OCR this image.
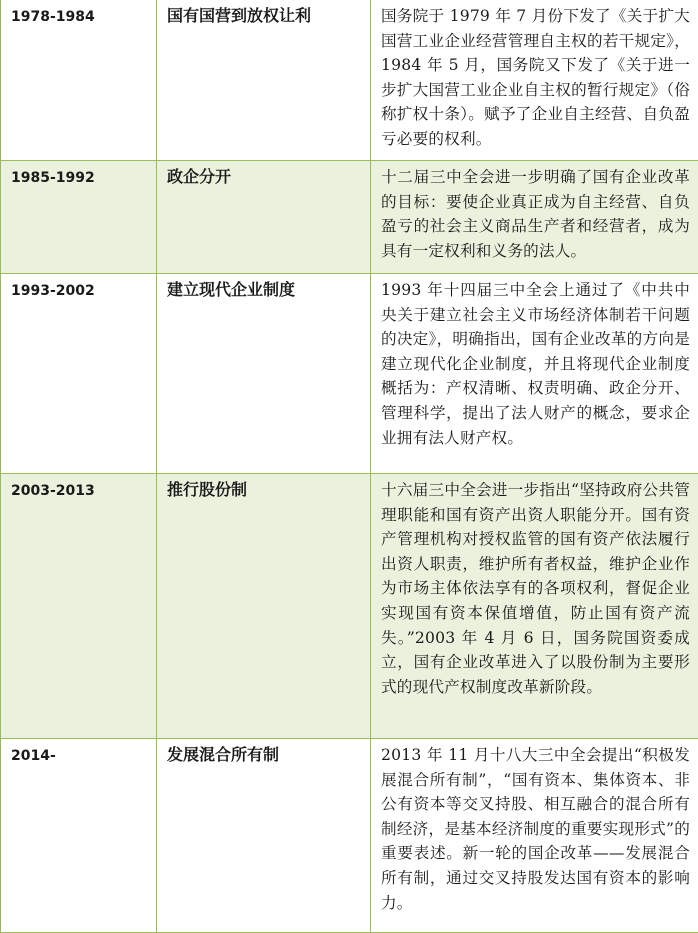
1978-1984	国有国营到放权让利	国务院于 1979 年 7 月份下发了《关于扩大国营工业企业经营管理自主权的若干规定》，1984 年 5 月，国务院又下发了《关于进一步扩大国营工业企业自主权的暂行规定》（俗称扩权十条）。赋予了企业自主经营、自负盈亏必要的权利。
1985-1992	政企分开	十二届三中全会进一步明确了国有企业改革的目标：要使企业真正成为自主经营、自负盈亏的社会主义商品生产者和经营者，成为具有一定权利和义务的法人。
1993-2002	建立现代企业制度	1993 年十四届三中全会上通过了《中共中央关于建立社会主义市场经济体制若干问题的决定》，明确指出，国有企业改革的方向是建立现代化企业制度，并且将现代企业制度概括为：产权清晰、权责明确、政企分开、管理科学，提出了法人财产的概念，要求企业拥有法人财产权。
2003-2013	推行股份制	十六届三中全会进一步指出“坚持政府公共管理职能和国有资产出资人职能分开。国有资产管理机构对授权监管的国有资产依法履行出资人职责，维护所有者权益，维护企业作为市场主体依法享有的各项权利，督促企业实现国有资本保值增值，防止国有资产流失。”2003 年 4 月 6 日，国务院国资委成立，国有企业改革进入了以股份制为主要形式的现代产权制度改革新阶段。
2014-	发展混合所有制	2013 年 11 月十八大三中全会提出“积极发展混合所有制”，“国有资本、集体资本、非公有资本等交叉持股、相互融合的混合所有制经济，是基本经济制度的重要实现形式”的重要表述。新一轮的国企改革——发展混合所有制，通过交叉持股发达国有资本的影响力。
